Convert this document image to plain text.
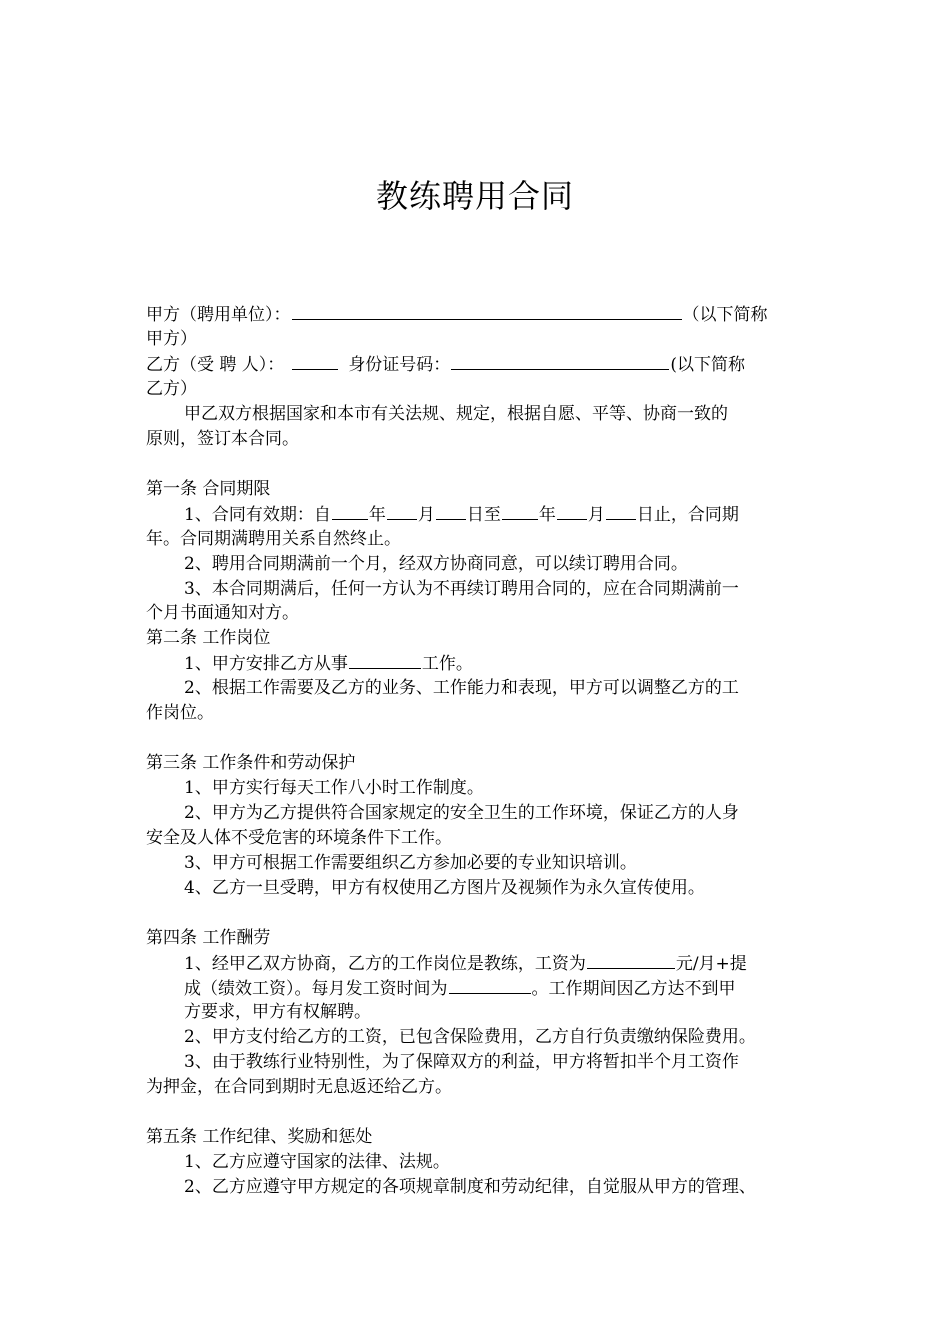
教练聘用合同
甲方（聘用单位）：	（以下简称
甲方）
乙方（受 聘 人）：	身份证号码：	(以下简称
乙方）
甲乙双方根据国家和本市有关法规、规定，根据自愿、平等、协商一致的
原则，签订本合同。
第一条 合同期限
1、合同有效期：自 年 月 日至 年 月 日止，合同期
年。合同期满聘用关系自然终止。
2、聘用合同期满前一个月，经双方协商同意，可以续订聘用合同。
3、本合同期满后，任何一方认为不再续订聘用合同的，应在合同期满前一
个月书面通知对方。
第二条 工作岗位
1、甲方安排乙方从事	工作。
2、根据工作需要及乙方的业务、工作能力和表现，甲方可以调整乙方的工
作岗位。
第三条 工作条件和劳动保护
1、甲方实行每天工作八小时工作制度。
2、甲方为乙方提供符合国家规定的安全卫生的工作环境，保证乙方的人身
安全及人体不受危害的环境条件下工作。
3、甲方可根据工作需要组织乙方参加必要的专业知识培训。
4、乙方一旦受聘，甲方有权使用乙方图片及视频作为永久宣传使用。
第四条 工作酬劳
1、经甲乙双方协商，乙方的工作岗位是教练，工资为	元/月+提
成（绩效工资）。每月发工资时间为	。工作期间因乙方达不到甲
方要求，甲方有权解聘。
2、甲方支付给乙方的工资，已包含保险费用，乙方自行负责缴纳保险费用。
3、由于教练行业特别性，为了保障双方的利益，甲方将暂扣半个月工资作
为押金，在合同到期时无息返还给乙方。
第五条 工作纪律、奖励和惩处
1、乙方应遵守国家的法律、法规。
2、乙方应遵守甲方规定的各项规章制度和劳动纪律，自觉服从甲方的管理、
